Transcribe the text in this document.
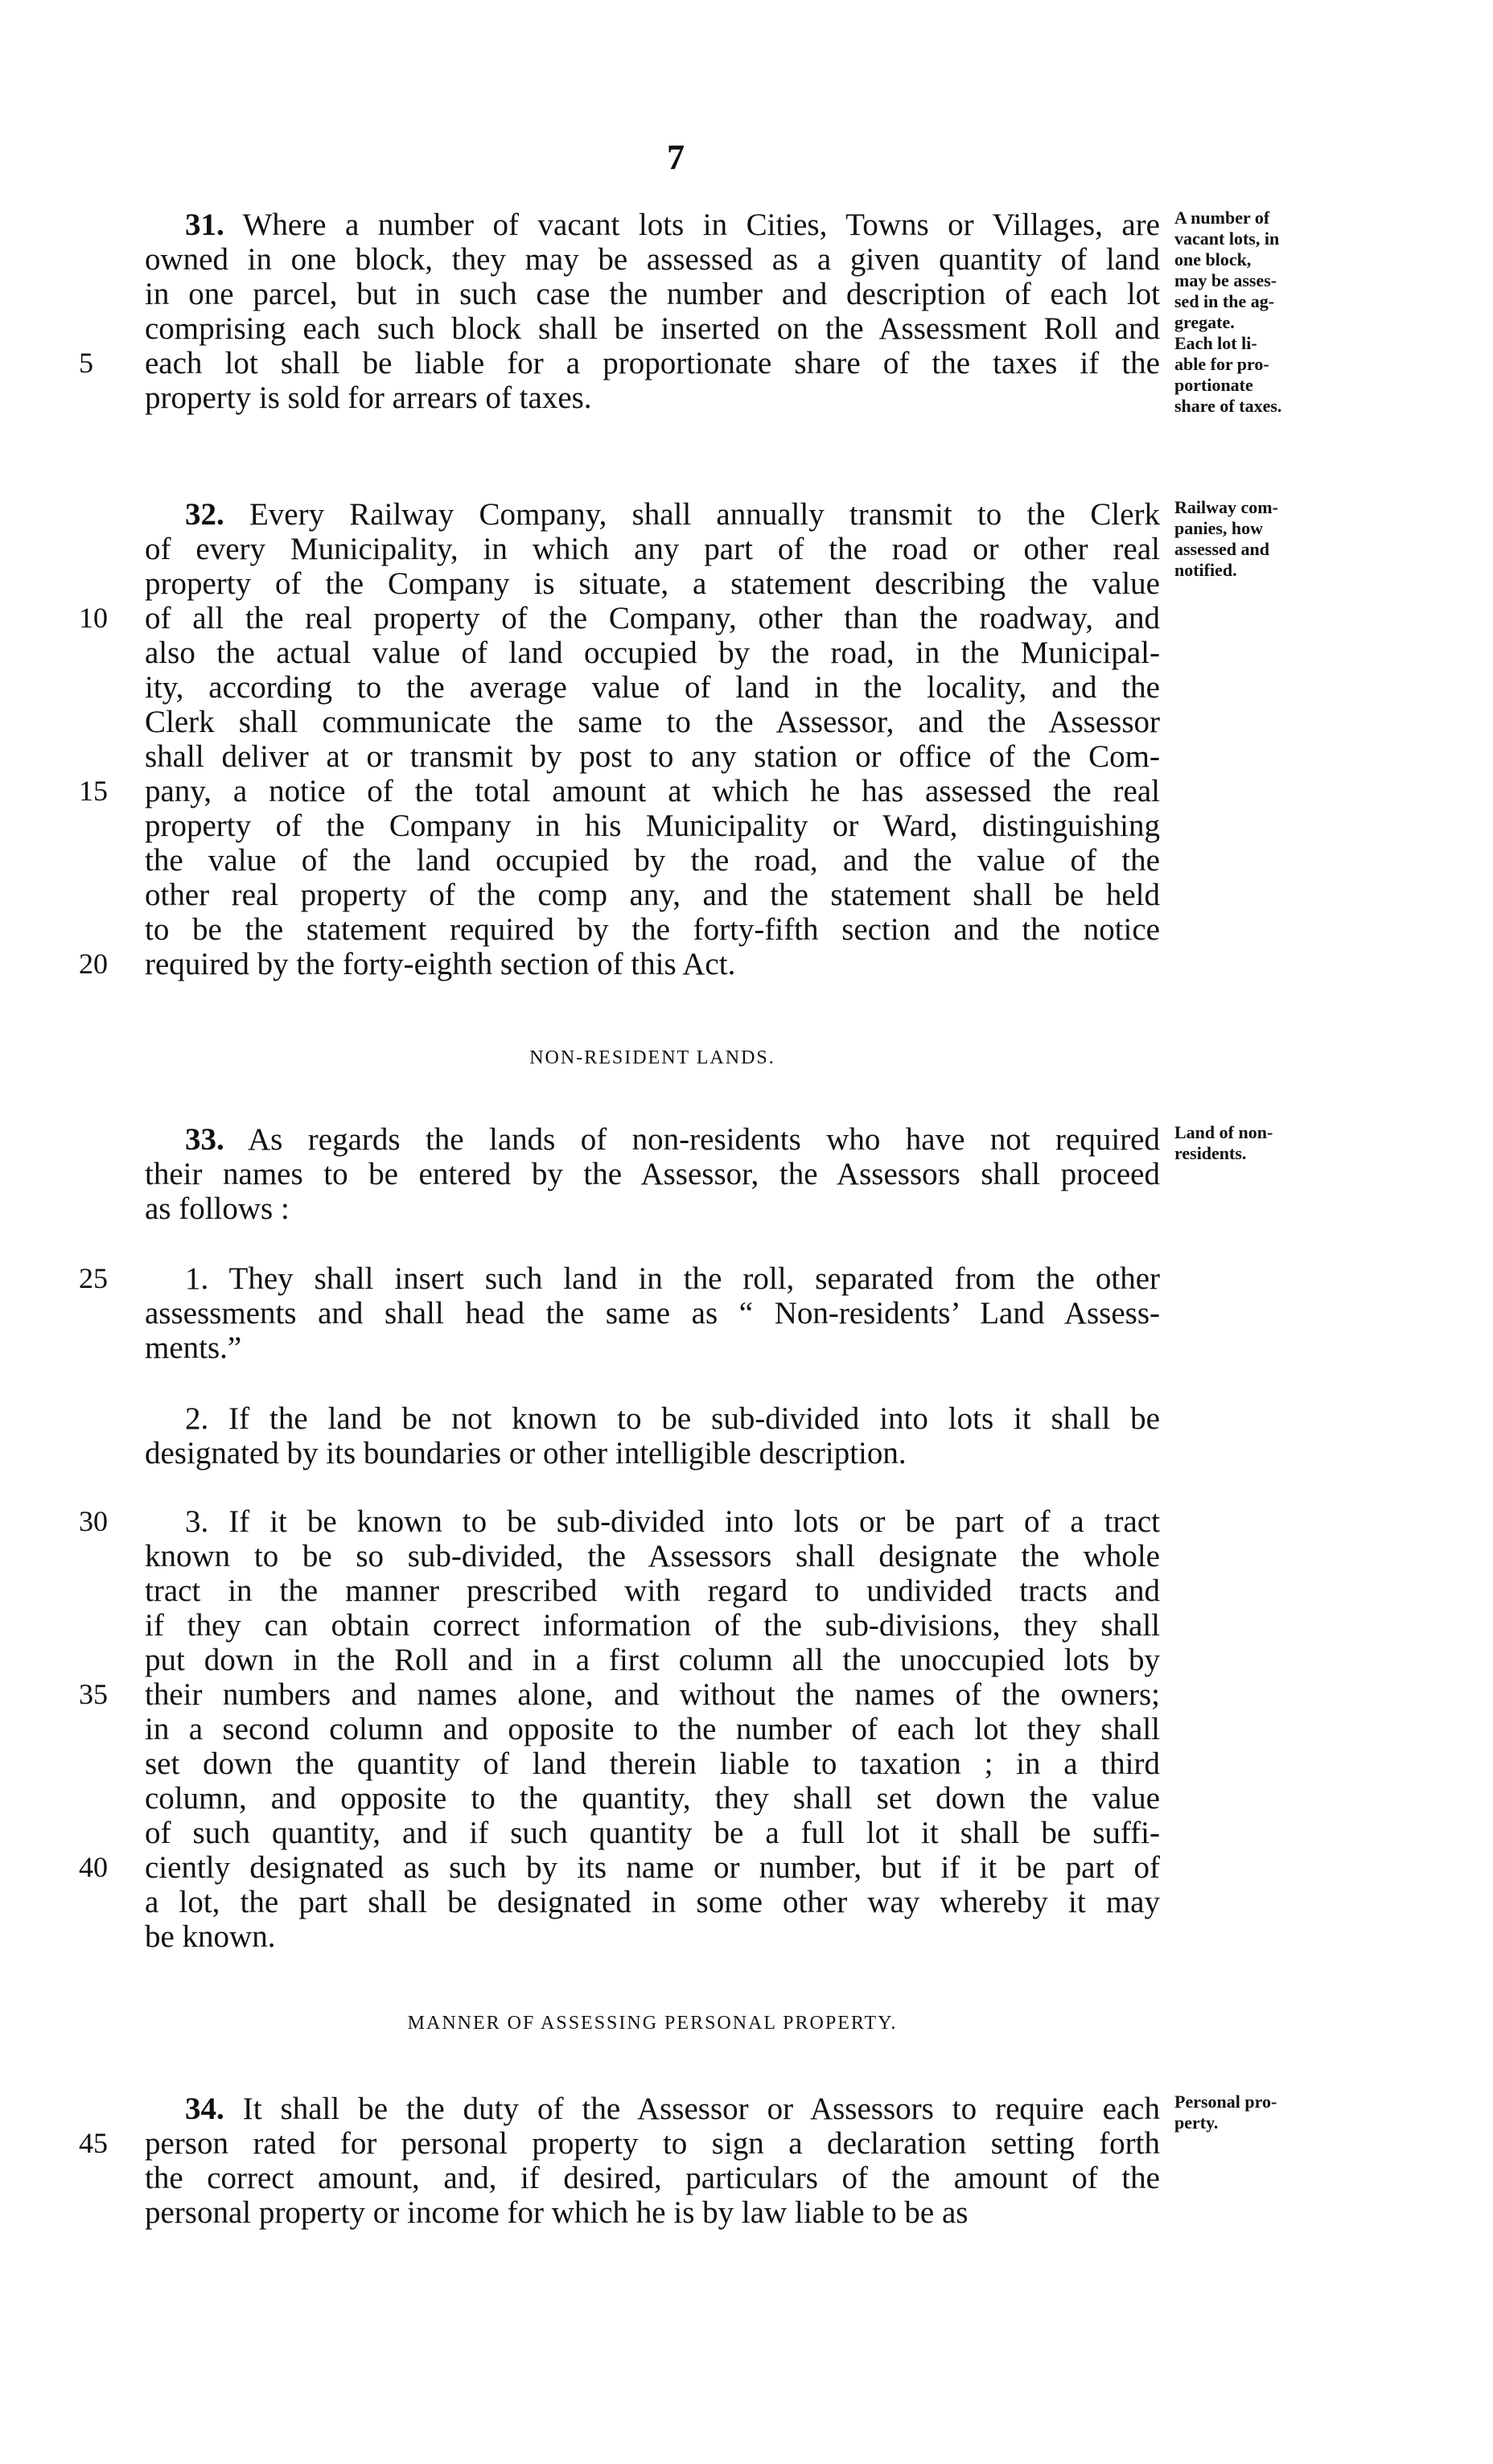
7
31. Where a number of vacant lots in Cities, Towns or Villages, are
owned in one block, they may be assessed as a given quantity of land
in one parcel, but in such case the number and description of each lot
comprising each such block shall be inserted on the Assessment Roll and
5	each lot shall be liable for a proportionate share of the taxes if the
property is sold for arrears of taxes.
A number of
vacant lots, in
one block,
may be asses-
sed in the ag-
gregate.
Each lot li-
able for pro-
portionate
share of taxes.
32. Every Railway Company, shall annually transmit to the Clerk
of every Municipality, in which any part of the road or other real
property of the Company is situate, a statement describing the value
10	of all the real property of the Company, other than the roadway, and
also the actual value of land occupied by the road, in the Municipal-
ity, according to the average value of land in the locality, and the
Clerk shall communicate the same to the Assessor, and the Assessor
shall deliver at or transmit by post to any station or office of the Com-
15	pany, a notice of the total amount at which he has assessed the real
property of the Company in his Municipality or Ward, distinguishing
the value of the land occupied by the road, and the value of the
other real property of the comp any, and the statement shall be held
to be the statement required by the forty-fifth section and the notice
20	required by the forty-eighth section of this Act.
Railway com-
panies, how
assessed and
notified.
NON-RESIDENT LANDS.
33. As regards the lands of non-residents who have not required
their names to be entered by the Assessor, the Assessors shall proceed
as follows :
Land of non-
residents.
25	1. They shall insert such land in the roll, separated from the other
assessments and shall head the same as “ Non-residents’ Land Assess-
ments.”
2. If the land be not known to be sub-divided into lots it shall be
designated by its boundaries or other intelligible description.
30	3. If it be known to be sub-divided into lots or be part of a tract
known to be so sub-divided, the Assessors shall designate the whole
tract in the manner prescribed with regard to undivided tracts and
if they can obtain correct information of the sub-divisions, they shall
put down in the Roll and in a first column all the unoccupied lots by
35	their numbers and names alone, and without the names of the owners;
in a second column and opposite to the number of each lot they shall
set down the quantity of land therein liable to taxation ; in a third
column, and opposite to the quantity, they shall set down the value
of such quantity, and if such quantity be a full lot it shall be suffi-
40	ciently designated as such by its name or number, but if it be part of
a lot, the part shall be designated in some other way whereby it may
be known.
MANNER OF ASSESSING PERSONAL PROPERTY.
34. It shall be the duty of the Assessor or Assessors to require each
45	person rated for personal property to sign a declaration setting forth
the correct amount, and, if desired, particulars of the amount of the
personal property or income for which he is by law liable to be as
Personal pro-
perty.
